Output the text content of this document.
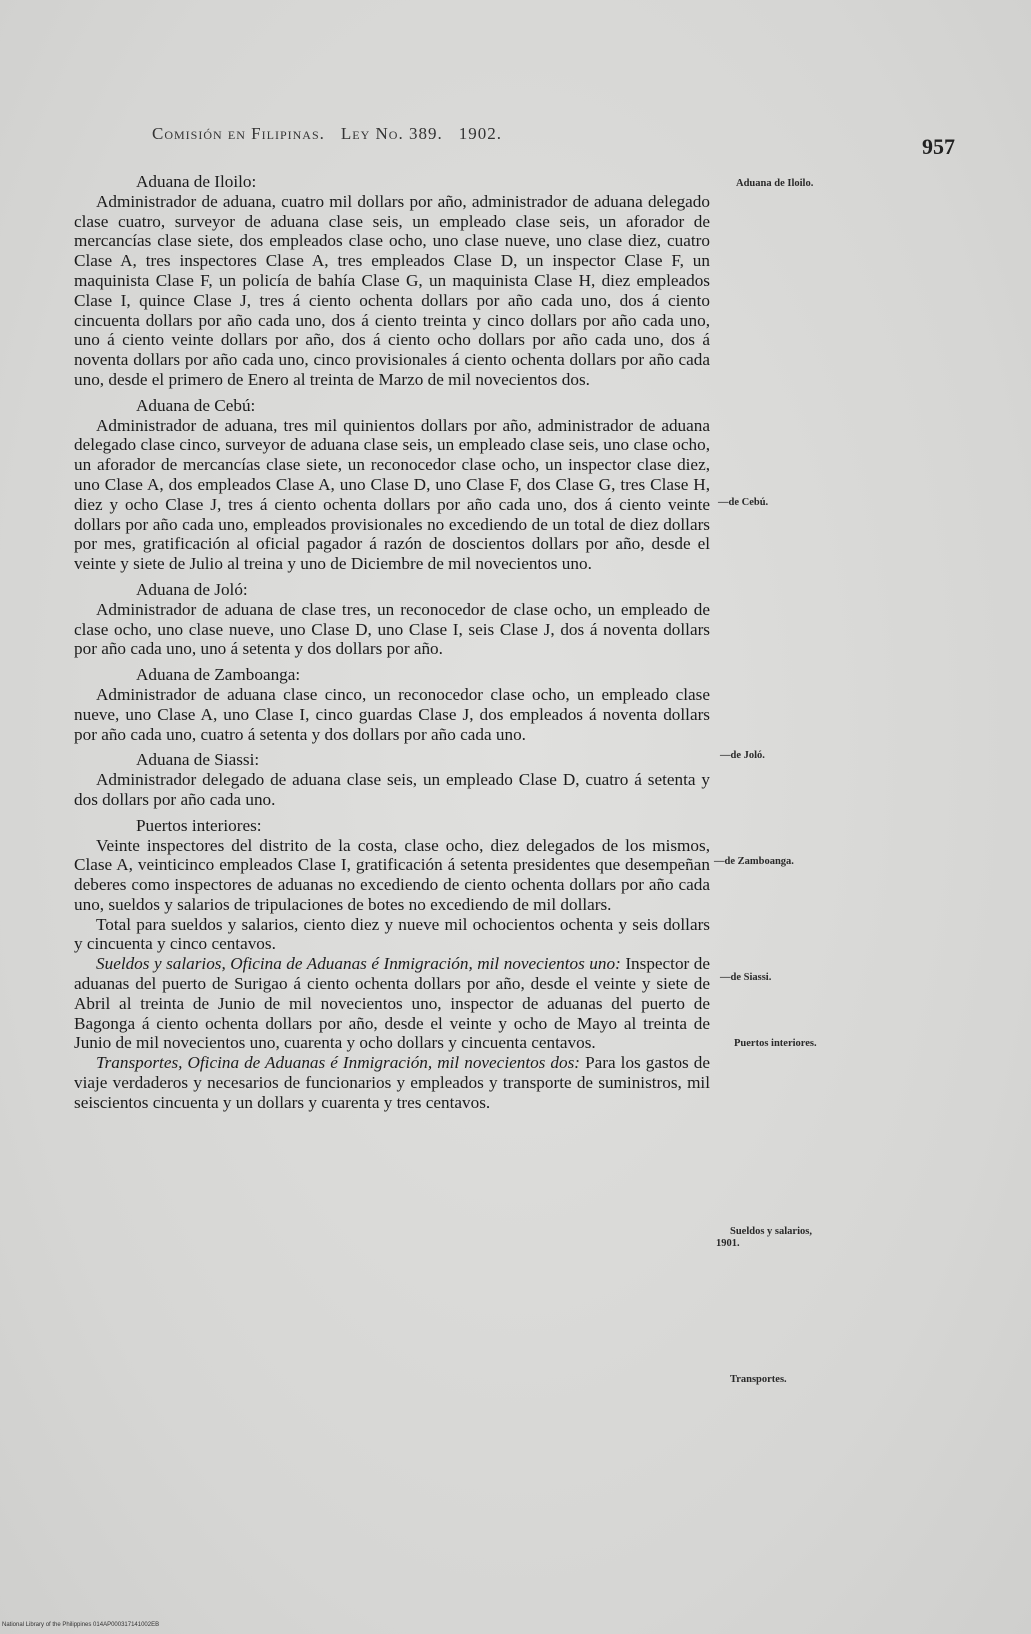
Comisión en Filipinas. Ley No. 389. 1902.
957
Aduana de Iloilo:

Administrador de aduana, cuatro mil dollars por año, administrador de aduana delegado clase cuatro, surveyor de aduana clase seis, un empleado clase seis, un aforador de mercancías clase siete, dos empleados clase ocho, uno clase nueve, uno clase diez, cuatro Clase A, tres inspectores Clase A, tres empleados Clase D, un inspector Clase F, un maquinista Clase F, un policía de bahía Clase G, un maquinista Clase H, diez empleados Clase I, quince Clase J, tres á ciento ochenta dollars por año cada uno, dos á ciento cincuenta dollars por año cada uno, dos á ciento treinta y cinco dollars por año cada uno, uno á ciento veinte dollars por año, dos á ciento ocho dollars por año cada uno, dos á noventa dollars por año cada uno, cinco provisionales á ciento ochenta dollars por año cada uno, desde el primero de Enero al treinta de Marzo de mil novecientos dos.

Aduana de Cebú:

Administrador de aduana, tres mil quinientos dollars por año, administrador de aduana delegado clase cinco, surveyor de aduana clase seis, un empleado clase seis, uno clase ocho, un aforador de mercancías clase siete, un reconocedor clase ocho, un inspector clase diez, uno Clase A, dos empleados Clase A, uno Clase D, uno Clase F, dos Clase G, tres Clase H, diez y ocho Clase J, tres á ciento ochenta dollars por año cada uno, dos á ciento veinte dollars por año cada uno, empleados provisionales no excediendo de un total de diez dollars por mes, gratificación al oficial pagador á razón de doscientos dollars por año, desde el veinte y siete de Julio al treina y uno de Diciembre de mil novecientos uno.

Aduana de Joló:

Administrador de aduana de clase tres, un reconocedor de clase ocho, un empleado de clase ocho, uno clase nueve, uno Clase D, uno Clase I, seis Clase J, dos á noventa dollars por año cada uno, uno á setenta y dos dollars por año.

Aduana de Zamboanga:

Administrador de aduana clase cinco, un reconocedor clase ocho, un empleado clase nueve, uno Clase A, uno Clase I, cinco guardas Clase J, dos empleados á noventa dollars por año cada uno, cuatro á setenta y dos dollars por año cada uno.

Aduana de Siassi:

Administrador delegado de aduana clase seis, un empleado Clase D, cuatro á setenta y dos dollars por año cada uno.

Puertos interiores:

Veinte inspectores del distrito de la costa, clase ocho, diez delegados de los mismos, Clase A, veinticinco empleados Clase I, gratificación á setenta presidentes que desempeñan deberes como inspectores de aduanas no excediendo de ciento ochenta dollars por año cada uno, sueldos y salarios de tripulaciones de botes no excediendo de mil dollars.

Total para sueldos y salarios, ciento diez y nueve mil ochocientos ochenta y seis dollars y cincuenta y cinco centavos.

Sueldos y salarios, Oficina de Aduanas é Inmigración, mil novecientos uno: Inspector de aduanas del puerto de Surigao á ciento ochenta dollars por año, desde el veinte y siete de Abril al treinta de Junio de mil novecientos uno, inspector de aduanas del puerto de Bagonga á ciento ochenta dollars por año, desde el veinte y ocho de Mayo al treinta de Junio de mil novecientos uno, cuarenta y ocho dollars y cincuenta centavos.

Transportes, Oficina de Aduanas é Inmigración, mil novecientos dos: Para los gastos de viaje verdaderos y necesarios de funcionarios y empleados y transporte de suministros, mil seiscientos cincuenta y un dollars y cuarenta y tres centavos.

Aduana de Iloilo.
—de Cebú.
—de Joló.
—de Zamboanga.
—de Siassi.
Puertos interiores.
Sueldos y salarios,
1901.
Transportes.
National Library of the Philippines 014AP000317141002EB
